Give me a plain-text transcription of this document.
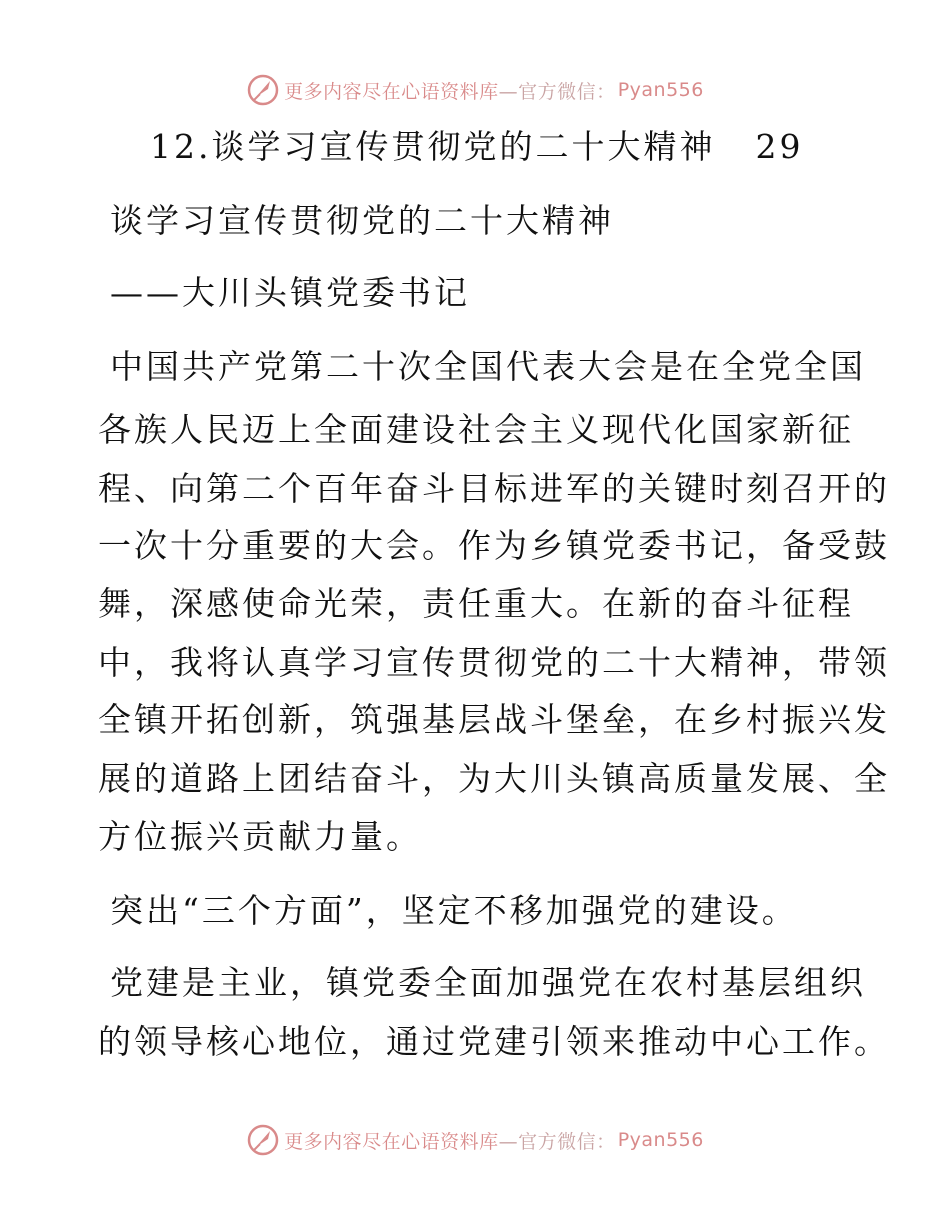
更多内容尽在心语资料库 —官方微信： Pyan556
12.谈学习宣传贯彻党的二十大精神 29
谈学习宣传贯彻党的二十大精神
——大川头镇党委书记
中国共产党第二十次全国代表大会是在全党全国
各族人民迈上全面建设社会主义现代化国家新征
程、向第二个百年奋斗目标进军的关键时刻召开的
一次十分重要的大会。作为乡镇党委书记，备受鼓
舞，深感使命光荣，责任重大。在新的奋斗征程
中，我将认真学习宣传贯彻党的二十大精神，带领
全镇开拓创新，筑强基层战斗堡垒，在乡村振兴发
展的道路上团结奋斗，为大川头镇高质量发展、全
方位振兴贡献力量。
突出“三个方面”，坚定不移加强党的建设。
党建是主业，镇党委全面加强党在农村基层组织
的领导核心地位，通过党建引领来推动中心工作。
更多内容尽在心语资料库 —官方微信： Pyan556
